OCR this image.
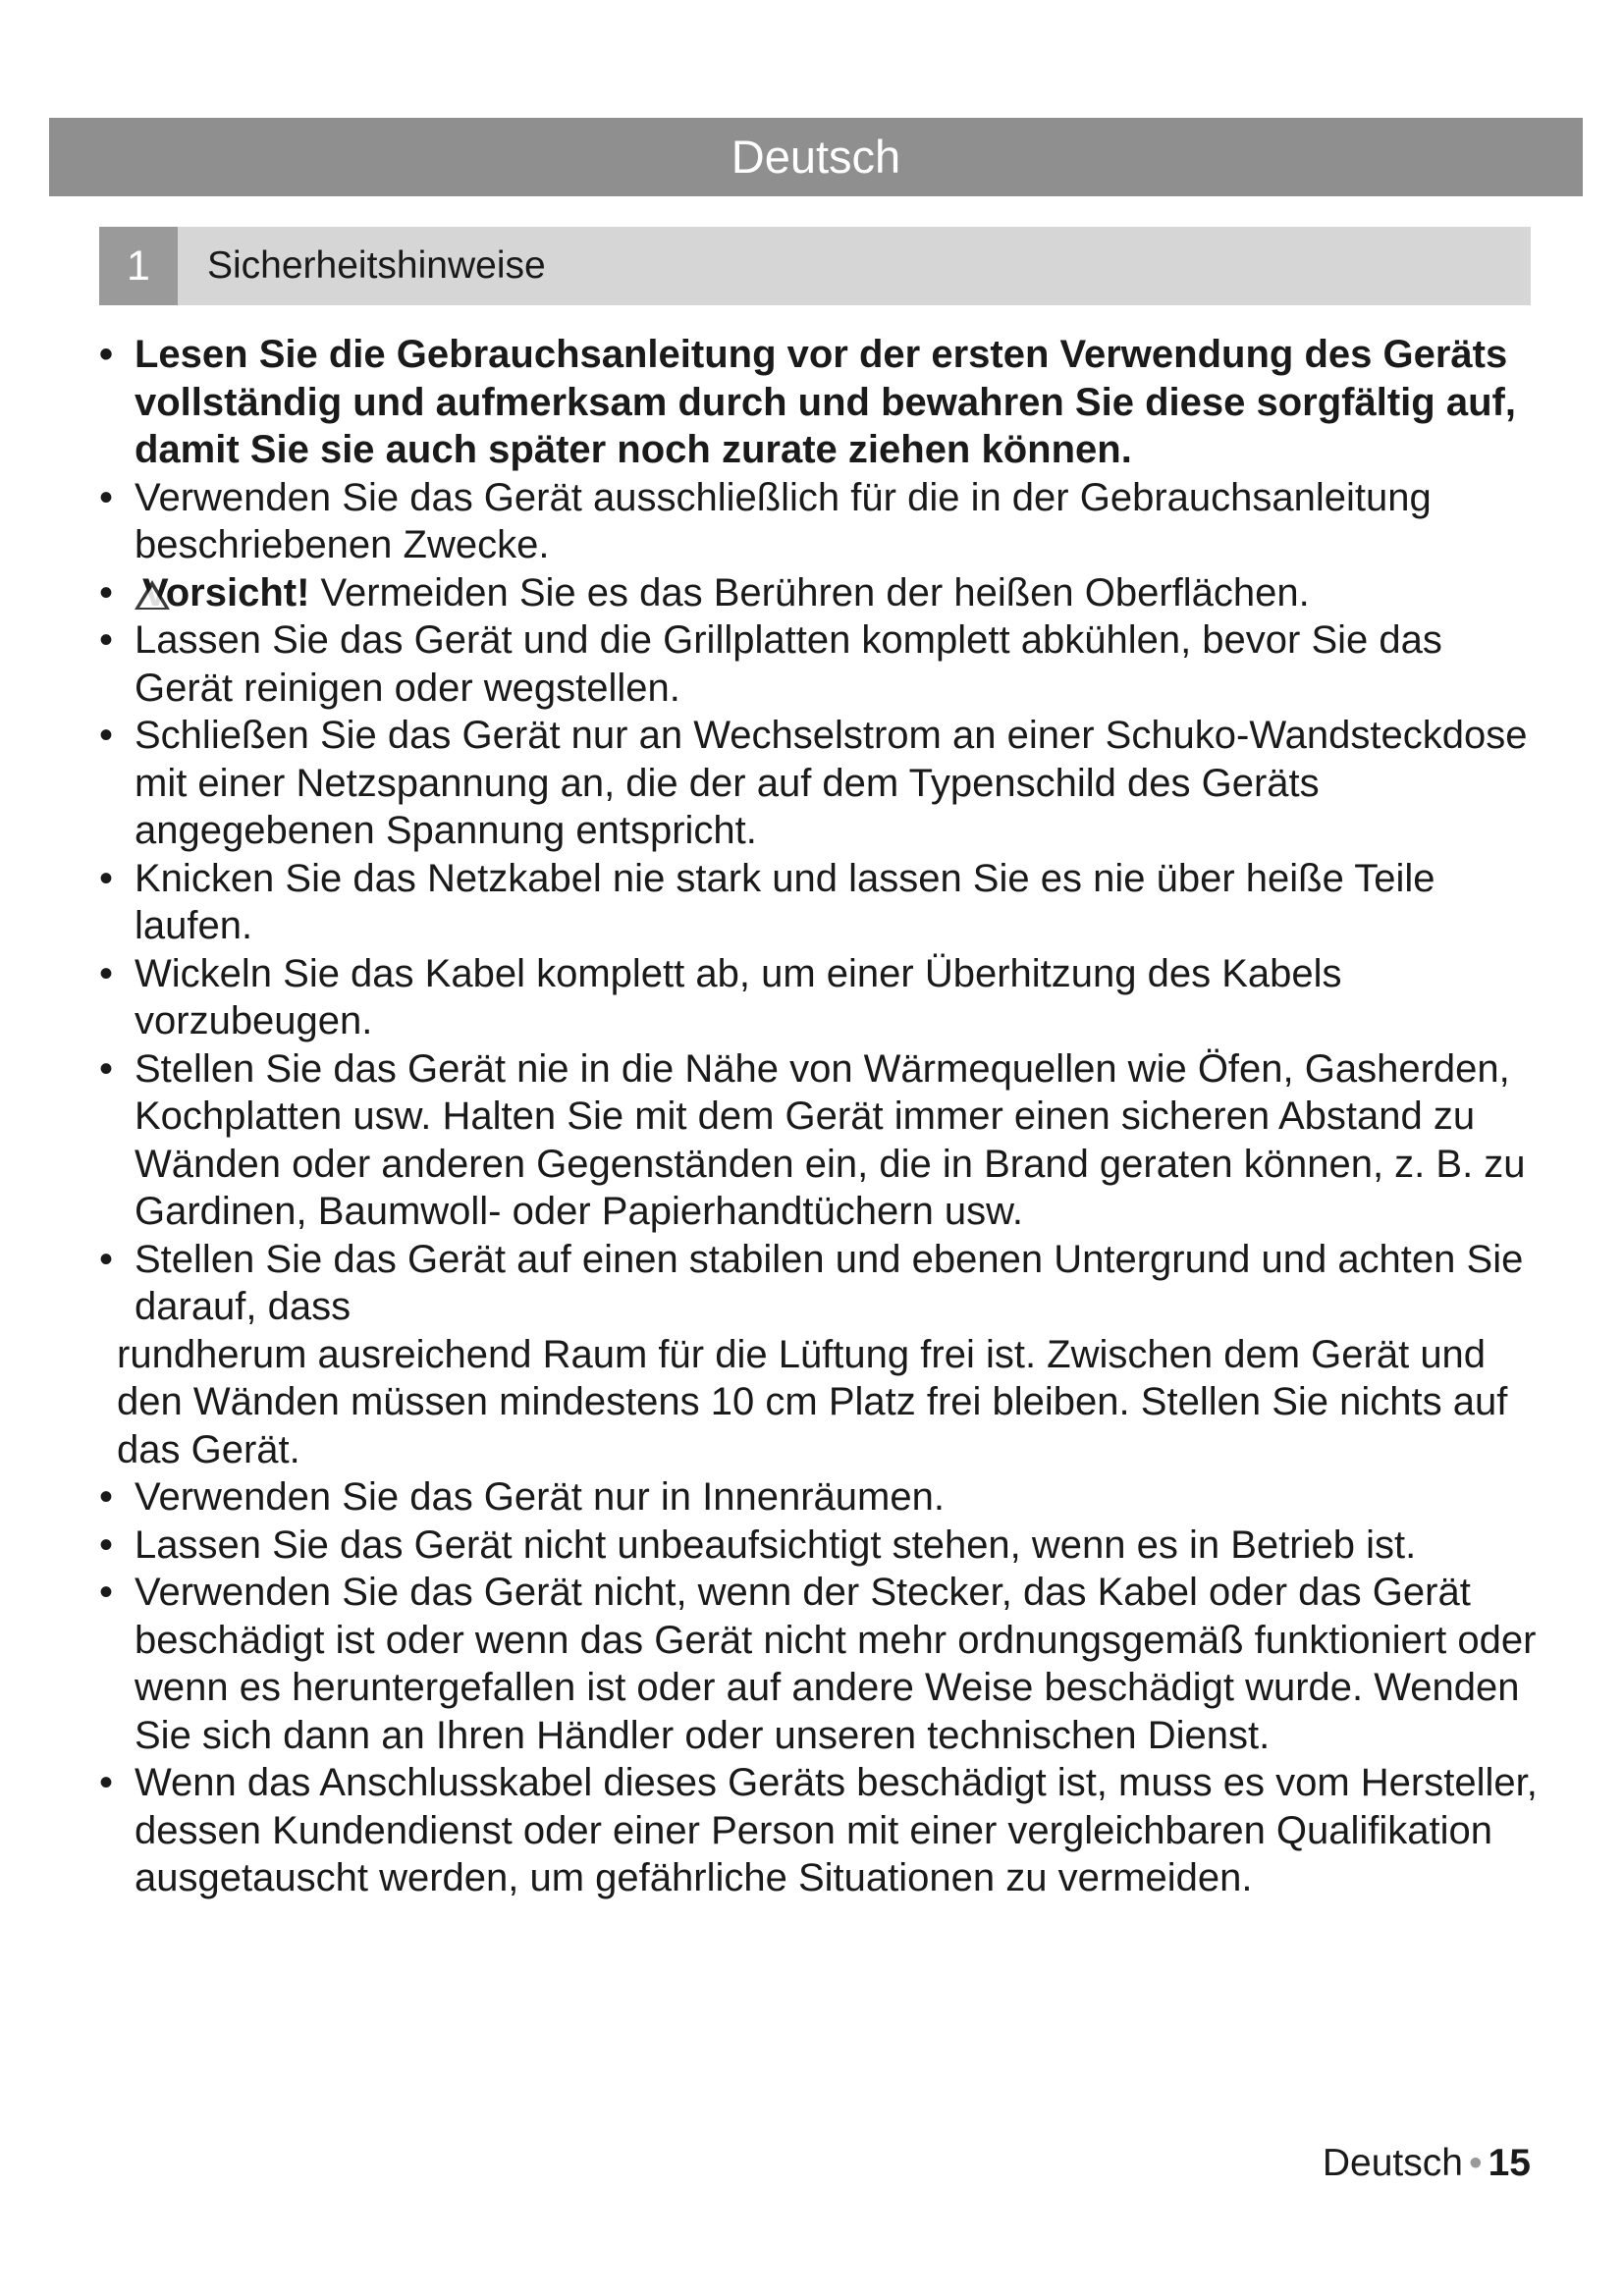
Deutsch
1	Sicherheitshinweise
• Lesen Sie die Gebrauchsanleitung vor der ersten Verwendung des Geräts vollständig und aufmerksam durch und bewahren Sie diese sorgfältig auf, damit Sie sie auch später noch zurate ziehen können.
• Verwenden Sie das Gerät ausschließlich für die in der Gebrauchsanleitung beschriebenen Zwecke.
• Vorsicht! Vermeiden Sie es das Berühren der heißen Oberflächen.
• Lassen Sie das Gerät und die Grillplatten komplett abkühlen, bevor Sie das Gerät reinigen oder wegstellen.
• Schließen Sie das Gerät nur an Wechselstrom an einer Schuko-Wandsteckdose mit einer Netzspannung an, die der auf dem Typenschild des Geräts angegebenen Spannung entspricht.
• Knicken Sie das Netzkabel nie stark und lassen Sie es nie über heiße Teile laufen.
• Wickeln Sie das Kabel komplett ab, um einer Überhitzung des Kabels vorzubeugen.
• Stellen Sie das Gerät nie in die Nähe von Wärmequellen wie Öfen, Gasherden, Kochplatten usw. Halten Sie mit dem Gerät immer einen sicheren Abstand zu Wänden oder anderen Gegenständen ein, die in Brand geraten können, z. B. zu Gardinen, Baumwoll- oder Papierhandtüchern usw.
• Stellen Sie das Gerät auf einen stabilen und ebenen Untergrund und achten Sie darauf, dass
rundherum ausreichend Raum für die Lüftung frei ist. Zwischen dem Gerät und den Wänden müssen mindestens 10 cm Platz frei bleiben. Stellen Sie nichts auf das Gerät.
• Verwenden Sie das Gerät nur in Innenräumen.
• Lassen Sie das Gerät nicht unbeaufsichtigt stehen, wenn es in Betrieb ist.
• Verwenden Sie das Gerät nicht, wenn der Stecker, das Kabel oder das Gerät beschädigt ist oder wenn das Gerät nicht mehr ordnungsgemäß funktioniert oder wenn es heruntergefallen ist oder auf andere Weise beschädigt wurde. Wenden Sie sich dann an Ihren Händler oder unseren technischen Dienst.
• Wenn das Anschlusskabel dieses Geräts beschädigt ist, muss es vom Hersteller, dessen Kundendienst oder einer Person mit einer vergleichbaren Qualifikation ausgetauscht werden, um gefährliche Situationen zu vermeiden.
Deutsch • 15
